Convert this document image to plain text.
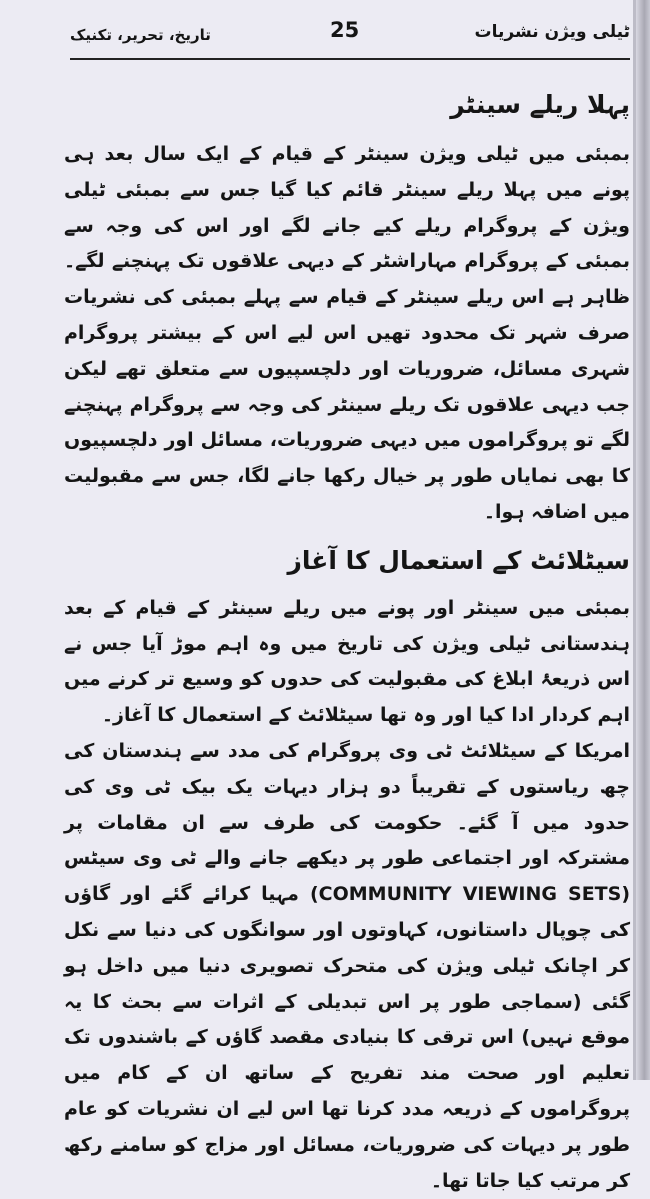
ٹیلی ویژن نشریات
25
تاریخ، تحریر، تکنیک
پہلا ریلے سینٹر

بمبئی میں ٹیلی ویژن سینٹر کے قیام کے ایک سال بعد ہی پونے میں پہلا ریلے سینٹر قائم کیا گیا جس سے بمبئی ٹیلی ویژن کے پروگرام ریلے کیے جانے لگے اور اس کی وجہ سے بمبئی کے پروگرام مہاراشٹر کے دیہی علاقوں تک پہنچنے لگے۔ ظاہر ہے اس ریلے سینٹر کے قیام سے پہلے بمبئی کی نشریات صرف شہر تک محدود تھیں اس لیے اس کے بیشتر پروگرام شہری مسائل، ضروریات اور دلچسپیوں سے متعلق تھے لیکن جب دیہی علاقوں تک ریلے سینٹر کی وجہ سے پروگرام پہنچنے لگے تو پروگراموں میں دیہی ضروریات، مسائل اور دلچسپیوں کا بھی نمایاں طور پر خیال رکھا جانے لگا، جس سے مقبولیت میں اضافہ ہوا۔

سیٹلائٹ کے استعمال کا آغاز

بمبئی میں سینٹر اور پونے میں ریلے سینٹر کے قیام کے بعد ہندستانی ٹیلی ویژن کی تاریخ میں وہ اہم موڑ آیا جس نے اس ذریعۂ ابلاغ کی مقبولیت کی حدوں کو وسیع تر کرنے میں اہم کردار ادا کیا اور وہ تھا سیٹلائٹ کے استعمال کا آغاز۔

امریکا کے سیٹلائٹ ٹی وی پروگرام کی مدد سے ہندستان کی چھ ریاستوں کے تقریباً دو ہزار دیہات یک بیک ٹی وی کی حدود میں آ گئے۔ حکومت کی طرف سے ان مقامات پر مشترکہ اور اجتماعی طور پر دیکھے جانے والے ٹی وی سیٹس (COMMUNITY VIEWING SETS) مہیا کرائے گئے اور گاؤں کی چوپال داستانوں، کہاوتوں اور سوانگوں کی دنیا سے نکل کر اچانک ٹیلی ویژن کی متحرک تصویری دنیا میں داخل ہو گئی (سماجی طور پر اس تبدیلی کے اثرات سے بحث کا یہ موقع نہیں) اس ترقی کا بنیادی مقصد گاؤں کے باشندوں تک تعلیم اور صحت مند تفریح کے ساتھ ان کے کام میں پروگراموں کے ذریعہ مدد کرنا تھا اس لیے ان نشریات کو عام طور پر دیہات کی ضروریات، مسائل اور مزاج کو سامنے رکھ کر مرتب کیا جاتا تھا۔
